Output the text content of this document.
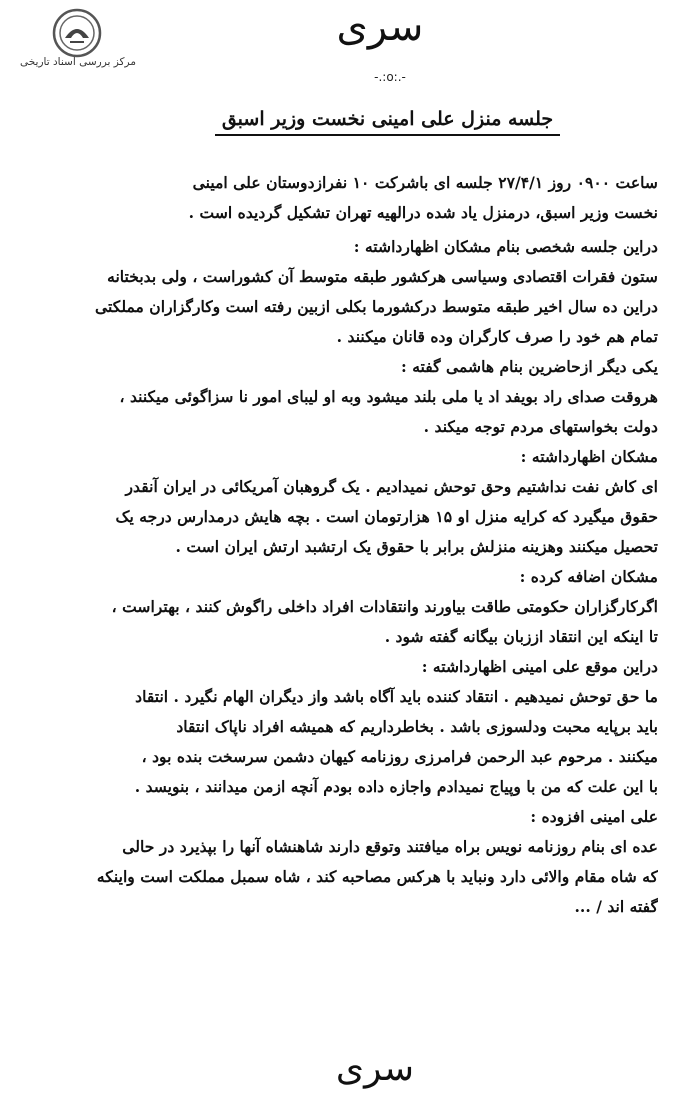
مرکز بررسی اسناد تاریخی
سری
-.:o:.-
جلسه منزل علی امینی نخست وزیر اسبق
ساعت ۰۹۰۰ روز ۲۷/۴/۱ جلسه ای باشرکت ۱۰ نفرازدوستان علی امینی
نخست وزیر اسبق، درمنزل یاد شده درالهیه تهران تشکیل گردیده است .
دراین جلسه شخصی بنام مشکان اظهارداشته :
ستون فقرات اقتصادی وسیاسی هرکشور طبقه متوسط آن کشوراست ، ولی بدبختانه
دراین ده سال اخیر طبقه متوسط درکشورما بکلی ازبین رفته است وکارگزاران مملکتی
تمام هم خود را صرف کارگران وده قانان میکنند .
یکی دیگر ازحاضرین بنام هاشمی گفته :
هروقت صدای راد بویفد اد یا ملی بلند میشود وبه او لیبای امور نا سزاگوئی میکنند ،
دولت بخواستهای مردم توجه میکند .
مشکان اظهارداشته :
ای کاش نفت نداشتیم وحق توحش نمیدادیم . یک گروهبان آمریکائی در ایران آنقدر
حقوق میگیرد که کرایه منزل او ۱۵ هزارتومان است . بچه هایش درمدارس درجه یک
تحصیل میکنند وهزینه منزلش برابر با حقوق یک ارتشبد ارتش ایران است .
مشکان اضافه کرده :
اگرکارگزاران حکومتی طاقت بیاورند وانتقادات افراد داخلی راگوش کنند ، بهتراست ،
تا اینکه این انتقاد اززبان بیگانه گفته شود .
دراین موقع علی امینی اظهارداشته :
ما حق توحش نمیدهیم . انتقاد کننده باید آگاه باشد واز دیگران الهام نگیرد . انتقاد
باید برپایه محبت ودلسوزی باشد . بخاطرداریم که همیشه افراد ناپاک انتقاد
میکنند . مرحوم عبد الرحمن فرامرزی روزنامه کیهان دشمن سرسخت بنده بود ،
با این علت که من با وپیاج نمیدادم واجازه داده بودم آنچه ازمن میدانند ، بنویسد .
علی امینی افزوده :
عده ای بنام روزنامه نویس براه میافتند وتوقع دارند شاهنشاه آنها را بپذیرد در حالی
که شاه مقام والائی دارد ونباید با هرکس مصاحبه کند ، شاه سمبل مملکت است واینکه
گفته اند / ...
سری
